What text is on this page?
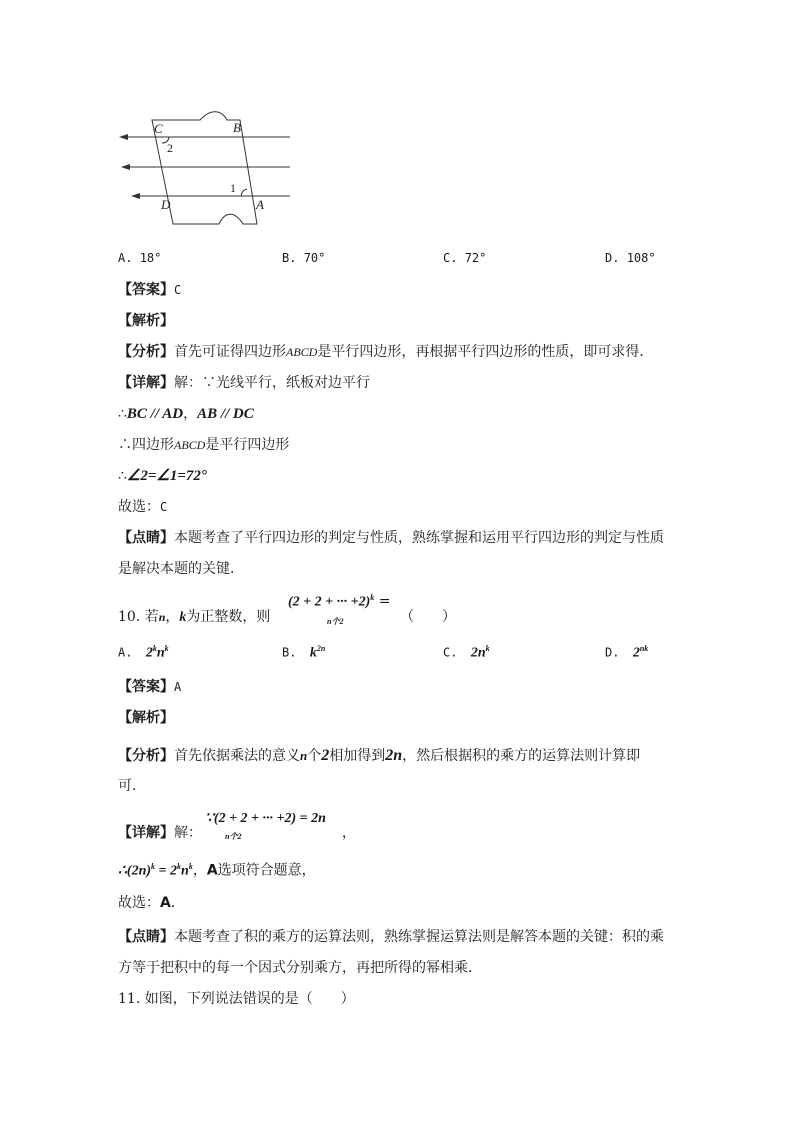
C	B
2
1
D	A
A. 18°	B. 70°	C. 72°	D. 108°
【答案】C
【解析】
【分析】首先可证得四边形ABCD是平行四边形，再根据平行四边形的性质，即可求得．
【详解】解：∵光线平行，纸板对边平行
∴BC // AD，AB // DC
∴四边形ABCD是平行四边形
∴∠2=∠1=72°
故选：C
【点睛】本题考查了平行四边形的判定与性质，熟练掌握和运用平行四边形的判定与性质
是解决本题的关键．
10. 若n，k为正整数，则
(2 + 2 + ··· +2)$^k$ =
n个2	（　　）
A. $2^kn^k$	B. $k^{2n}$	C. $2n^k$	D. $2^{nk}$
【答案】A
【解析】
【分析】首先依据乘法的意义n个2相加得到2n，然后根据积的乘方的运算法则计算即
可．
【详解】解：
∵(2 + 2 + ··· +2) = 2n
n个2	，
$\therefore(2n)^k = 2^kn^k$，A选项符合题意，
故选：A．
【点睛】本题考查了积的乘方的运算法则，熟练掌握运算法则是解答本题的关键：积的乘
方等于把积中的每一个因式分别乘方，再把所得的幂相乘．
11. 如图，下列说法错误的是（　　）
